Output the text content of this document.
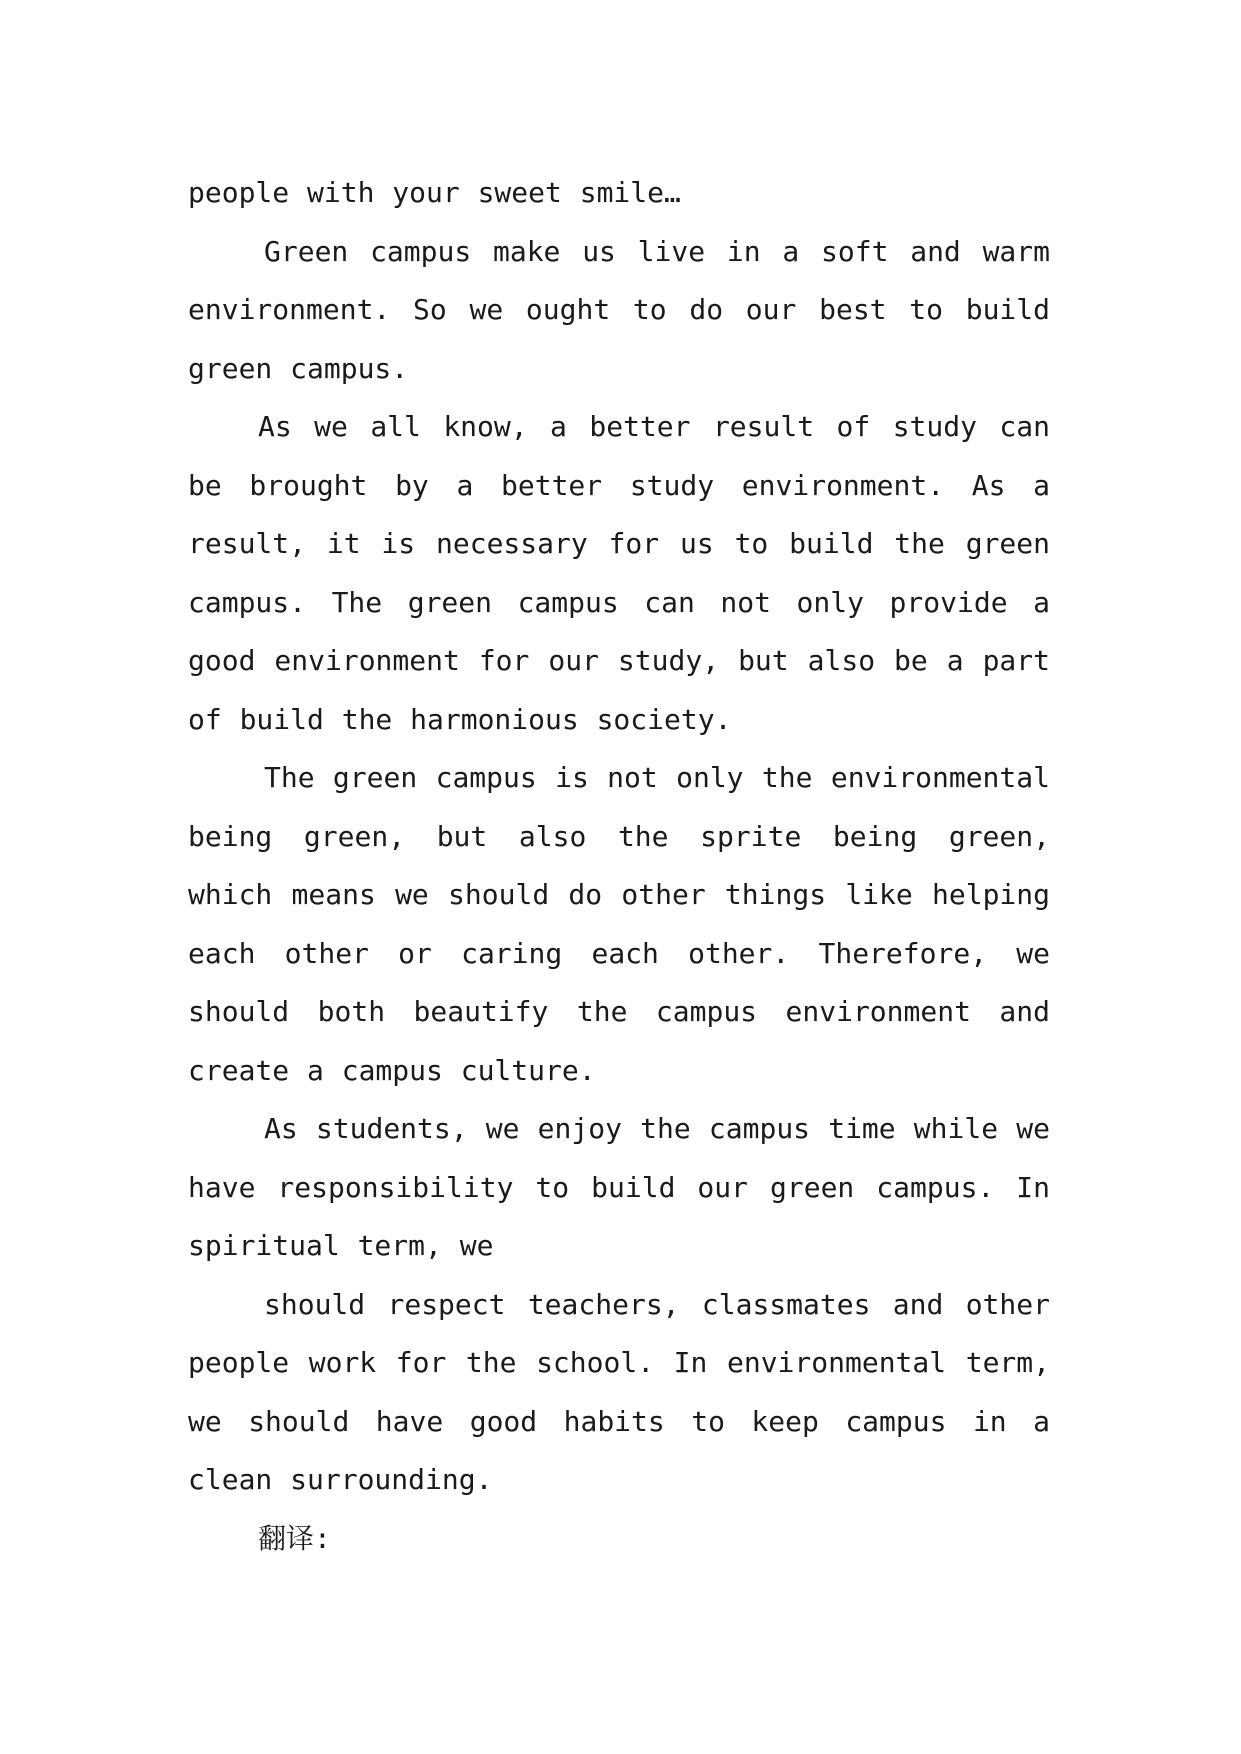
people with your sweet smile…

Green campus make us live in a soft and warm environment. So we ought to do our best to build green campus.

As we all know, a better result of study can be brought by a better study environment. As a result, it is necessary for us to build the green campus. The green campus can not only provide a good environment for our study, but also be a part of build the harmonious society.

The green campus is not only the environmental being green, but also the sprite being green, which means we should do other things like helping each other or caring each other. Therefore, we should both beautify the campus environment and create a campus culture.

As students, we enjoy the campus time while we have responsibility to build our green campus. In spiritual term, we

should respect teachers, classmates and other people work for the school. In environmental term, we should have good habits to keep campus in a clean surrounding.

翻译:
